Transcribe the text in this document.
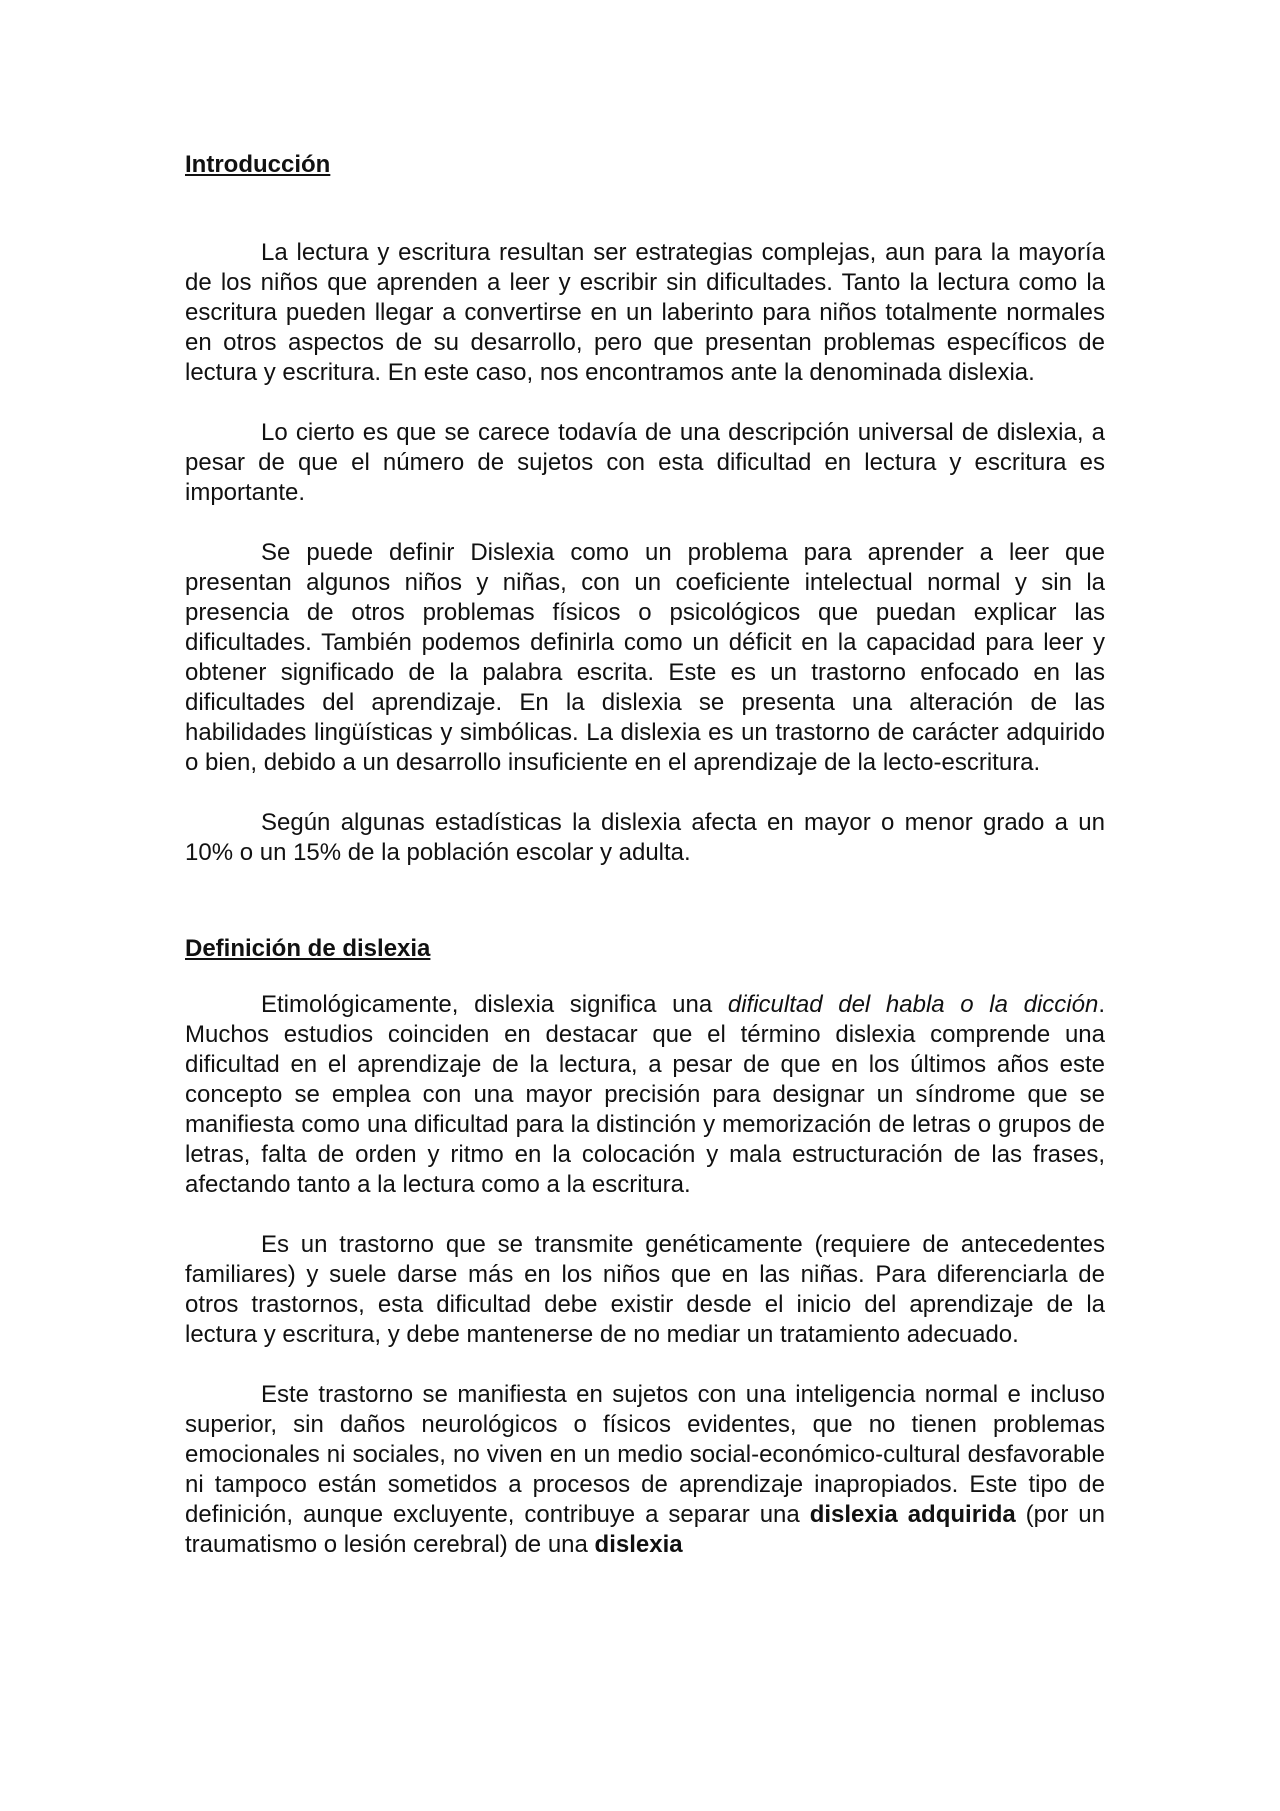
Introducción

La lectura y escritura resultan ser estrategias complejas, aun para la mayoría de los niños que aprenden a leer y escribir sin dificultades. Tanto la lectura como la escritura pueden llegar a convertirse en un laberinto para niños totalmente normales en otros aspectos de su desarrollo, pero que presentan problemas específicos de lectura y escritura. En este caso, nos encontramos ante la denominada dislexia.

Lo cierto es que se carece todavía de una descripción universal de dislexia, a pesar de que el número de sujetos con esta dificultad en lectura y escritura es importante.

Se puede definir Dislexia como un problema para aprender a leer que presentan algunos niños y niñas, con un coeficiente intelectual normal y sin la presencia de otros problemas físicos o psicológicos que puedan explicar las dificultades. También podemos definirla como un déficit en la capacidad para leer y obtener significado de la palabra escrita. Este es un trastorno enfocado en las dificultades del aprendizaje. En la dislexia se presenta una alteración de las habilidades lingüísticas y simbólicas. La dislexia es un trastorno de carácter adquirido o bien, debido a un desarrollo insuficiente en el aprendizaje de la lecto-escritura.

Según algunas estadísticas la dislexia afecta en mayor o menor grado a un 10% o un 15% de la población escolar y adulta.

Definición de dislexia

Etimológicamente, dislexia significa una dificultad del habla o la dicción. Muchos estudios coinciden en destacar que el término dislexia comprende una dificultad en el aprendizaje de la lectura, a pesar de que en los últimos años este concepto se emplea con una mayor precisión para designar un síndrome que se manifiesta como una dificultad para la distinción y memorización de letras o grupos de letras, falta de orden y ritmo en la colocación y mala estructuración de las frases, afectando tanto a la lectura como a la escritura.

Es un trastorno que se transmite genéticamente (requiere de antecedentes familiares) y suele darse más en los niños que en las niñas. Para diferenciarla de otros trastornos, esta dificultad debe existir desde el inicio del aprendizaje de la lectura y escritura, y debe mantenerse de no mediar un tratamiento adecuado.

Este trastorno se manifiesta en sujetos con una inteligencia normal e incluso superior, sin daños neurológicos o físicos evidentes, que no tienen problemas emocionales ni sociales, no viven en un medio social-económico-cultural desfavorable ni tampoco están sometidos a procesos de aprendizaje inapropiados. Este tipo de definición, aunque excluyente, contribuye a separar una dislexia adquirida (por un traumatismo o lesión cerebral) de una dislexia
